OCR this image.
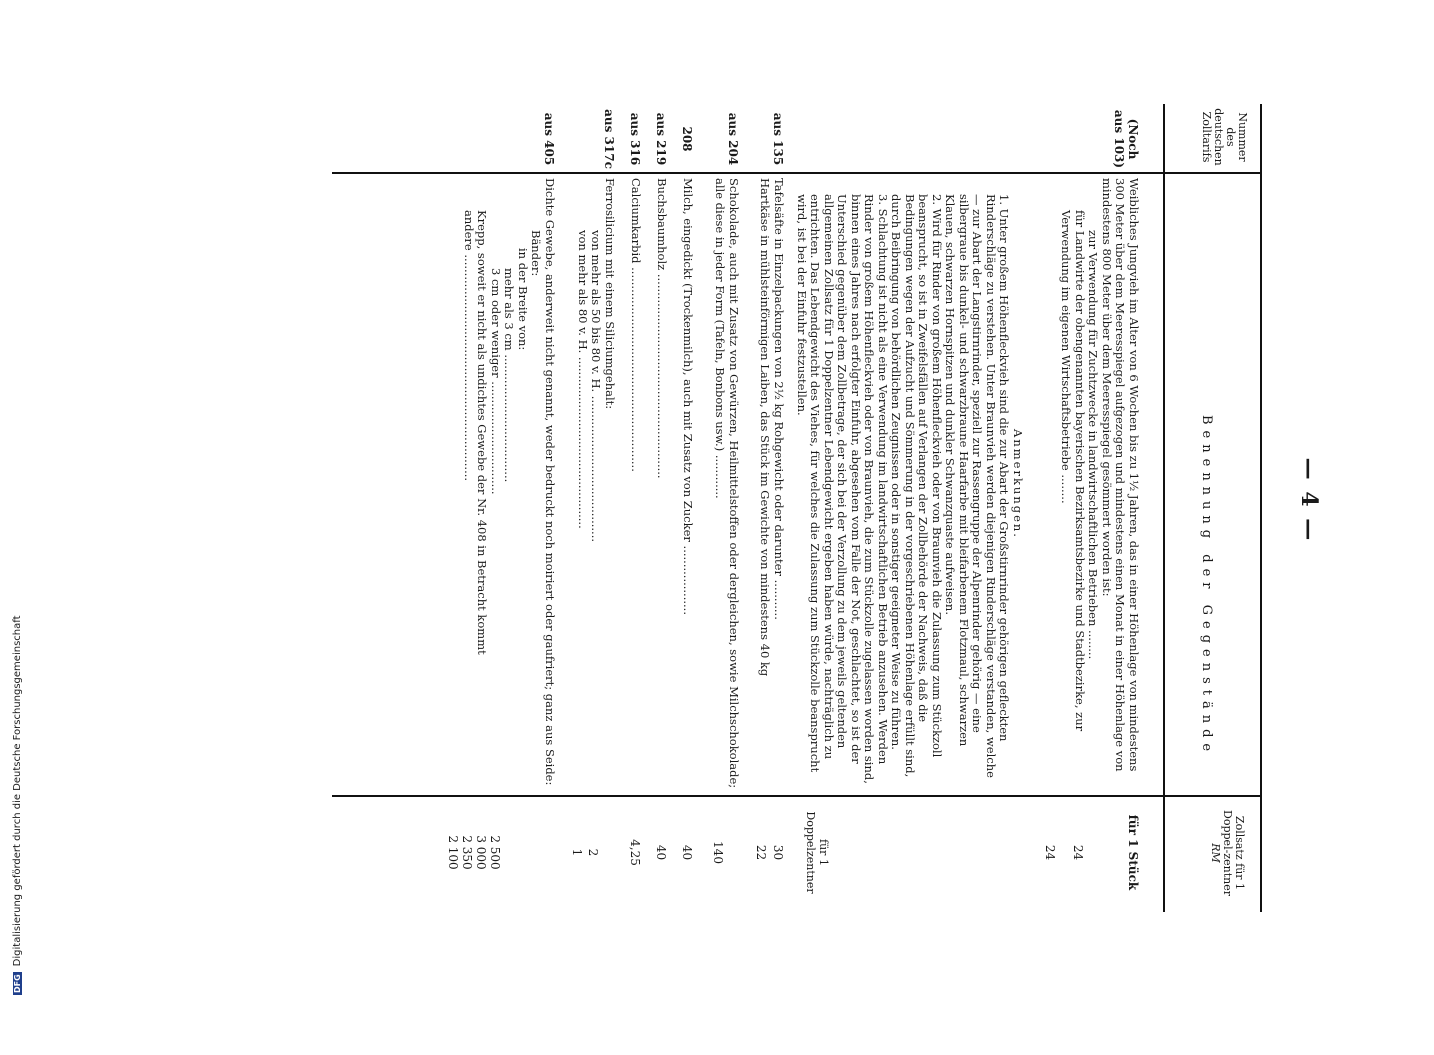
DFGDigitalisierung gefördert durch die Deutsche Forschungsgemeinschaft
— 4 —
Nummer des deutschen Zolltarifs
Benennung der Gegenstände
Zollsatz für 1 Doppel-zentner
RM
(Noch aus 103)
Weibliches Jungvieh im Alter von 6 Wochen bis zu 1½ Jahren, das in einer Höhenlage von mindestens 300 Meter über dem Meeresspiegel aufgezogen und mindestens einen Monat in einer Höhenlage von mindestens 800 Meter über dem Meeresspiegel gesömmert worden ist:
zur Verwendung für Zuchtzwecke in landwirtschaftlichen Betrieben ........
für Landwirte der obengenannten bayerischen Bezirksamtsbezirke und Stadtbezirke, zur Verwendung im eigenen Wirtschaftsbetriebe ........
für 1 Stück
24
24
Anmerkungen.
1. Unter großem Höhenfleckvieh sind die zur Abart der Großstirnrinder gehörigen gefleckten Rinderschläge zu verstehen. Unter Braunvieh werden diejenigen Rinderschläge verstanden, welche — zur Abart der Langstirnrinder, speziell zur Rassengruppe der Alpenrinder gehörig — eine silbergraue bis dunkel- und schwarzbraune Haarfarbe mit bleifarbenem Flotzmaul, schwarzen Klauen, schwarzen Hornspitzen und dunkler Schwanzquaste aufweisen.
2. Wird für Rinder von großem Höhenfleckvieh oder von Braunvieh die Zulassung zum Stückzoll beansprucht, so ist in Zweifelsfällen auf Verlangen der Zollbehörde der Nachweis, daß die Bedingungen wegen der Aufzucht und Sömmerung in der vorgeschriebenen Höhenlage erfüllt sind, durch Beibringung von behördlichen Zeugnissen oder in sonstiger geeigneter Weise zu führen.
3. Schlachtung ist nicht als eine Verwendung im landwirtschaftlichen Betrieb anzusehen. Werden Rinder von großem Höhenfleckvieh oder von Braunvieh, die zum Stückzolle zugelassen worden sind, binnen eines Jahres nach erfolgter Einfuhr, abgesehen vom Falle der Not, geschlachtet, so ist der Unterschied gegenüber dem Zollbetrage, der sich bei der Verzollung zu dem jeweils geltenden allgemeinen Zollsatz für 1 Doppelzentner Lebendgewicht ergeben haben würde, nachträglich zu entrichten. Das Lebendgewicht des Viehes, für welches die Zulassung zum Stückzolle beansprucht wird, ist bei der Einfuhr festzustellen.
für 1 Doppelzentner
aus 135
Tafelsäfte in Einzelpackungen von 2½ kg Rohgewicht oder darunter ...........
Hartkäse in mühlsteinförmigen Laiben, das Stück im Gewichte von mindestens 40 kg
30
22
aus 204
Schokolade, auch mit Zusatz von Gewürzen, Heilmittelstoffen oder dergleichen, sowie Milchschokolade; alle diese in jeder Form (Tafeln, Bonbons usw.) ............
140
208
Milch, eingedickt (Trockenmilch), auch mit Zusatz von Zucker ...................
40
aus 219
Buchsbaumholz ........................................................
40
aus 316
Calciumkarbid ........................................................
4,25
aus 317c
Ferrosilicium mit einem Siliciumgehalt:
von mehr als 50 bis 80 v. H. ........................................
von mehr als 80 v. H. ...............................................
2
1
aus 405
Dichte Gewebe, anderweit nicht genannt, weder bedruckt noch moiriert oder gaufriert; ganz aus Seide:
Bänder:
in der Breite von:
mehr als 3 cm ...................................
3 cm oder weniger ...............................
Krepp, soweit er nicht als undichtes Gewebe der Nr. 408 in Betracht kommt
andere ..............................................................
2 500
3 000
2 350
2 100
